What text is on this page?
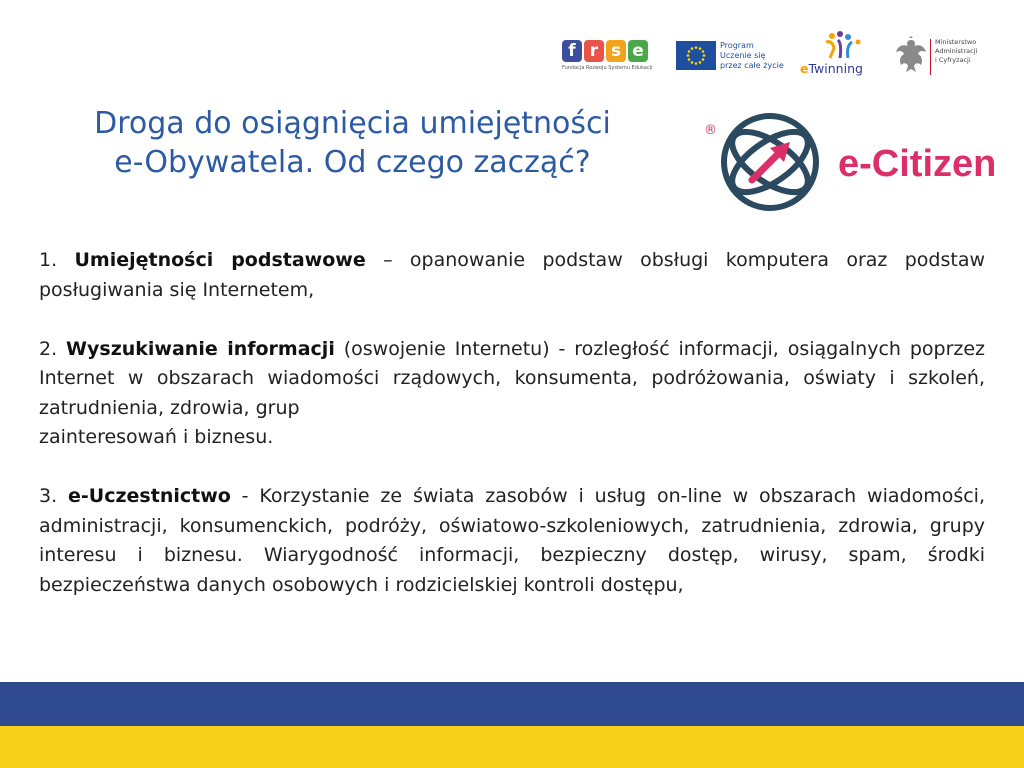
f r s e
Fundacja Rozwoju Systemu Edukacji
Program
Uczenie się
przez całe życie	eTwinning
Ministerstwo
Administracji
i Cyfryzacji
Droga do osiągnięcia umiejętności
e-Obywatela. Od czego zacząć?
®
e-Citizen

1. Umiejętności podstawowe – opanowanie podstaw obsługi komputera oraz podstaw posługiwania się Internetem,

2. Wyszukiwanie informacji (oswojenie Internetu) - rozległość informacji, osiągalnych poprzez Internet w obszarach wiadomości rządowych, konsumenta, podróżowania, oświaty i szkoleń, zatrudnienia, zdrowia, grup
zainteresowań i biznesu.

3. e-Uczestnictwo - Korzystanie ze świata zasobów i usług on-line w obszarach wiadomości, administracji, konsumenckich, podróży, oświatowo-szkoleniowych, zatrudnienia, zdrowia, grupy interesu i biznesu. Wiarygodność informacji, bezpieczny dostęp, wirusy, spam, środki bezpieczeństwa danych osobowych i rodzicielskiej kontroli dostępu,
